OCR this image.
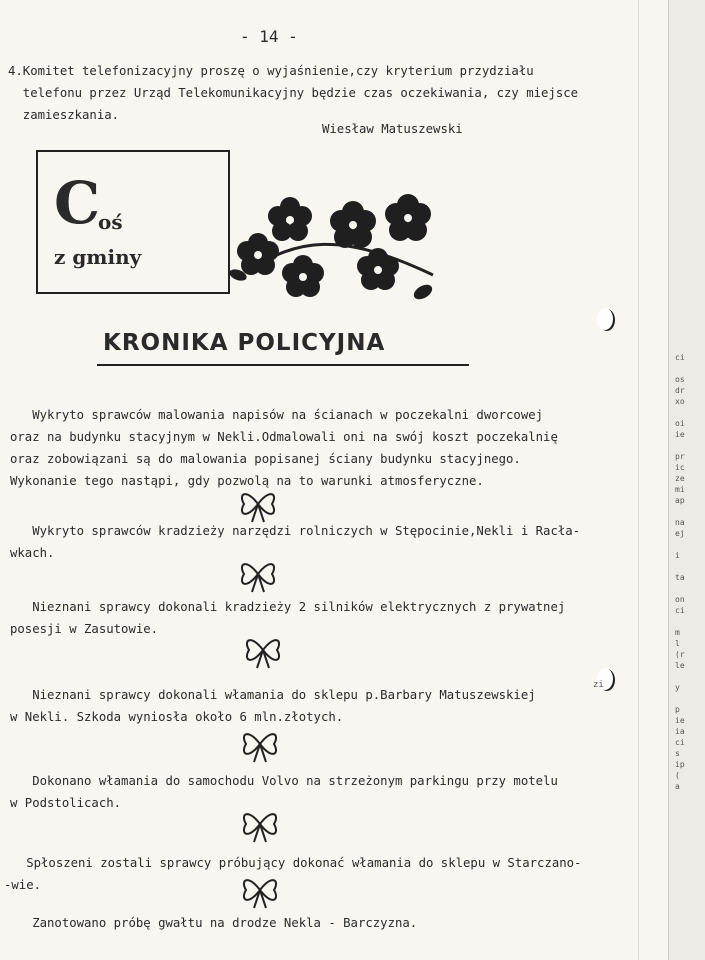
ci

os
dr
xo

oi
ie

pr
ic
ze
mi
ap

na
ej

i

ta

on
ci

m
l
(r
le

y

p
ie
ia
ci
s
ip
(
a
zi
- 14 -
4.Komitet telefonizacyjny proszę o wyjaśnienie,czy kryterium przydziału
telefonu przez Urząd Telekomunikacyjny będzie czas oczekiwania, czy miejsce
zamieszkania.
Wiesław Matuszewski
C
oś
z gminy
KRONIKA POLICYJNA
Wykryto sprawców malowania napisów na ścianach w poczekalni dworcowej
oraz na budynku stacyjnym w Nekli.Odmalowali oni na swój koszt poczekalnię
oraz zobowiązani są do malowania popisanej ściany budynku stacyjnego.
Wykonanie tego nastąpi, gdy pozwolą na to warunki atmosferyczne.
Wykryto sprawców kradzieży narzędzi rolniczych w Stępocinie,Nekli i Racła-
wkach.
Nieznani sprawcy dokonali kradzieży 2 silników elektrycznych z prywatnej
posesji w Zasutowie.
Nieznani sprawcy dokonali włamania do sklepu p.Barbary Matuszewskiej
w Nekli. Szkoda wyniosła około 6 mln.złotych.
Dokonano włamania do samochodu Volvo na strzeżonym parkingu przy motelu
w Podstolicach.
Spłoszeni zostali sprawcy próbujący dokonać włamania do sklepu w Starczano-
-wie.
Zanotowano próbę gwałtu na drodze Nekla - Barczyzna.
